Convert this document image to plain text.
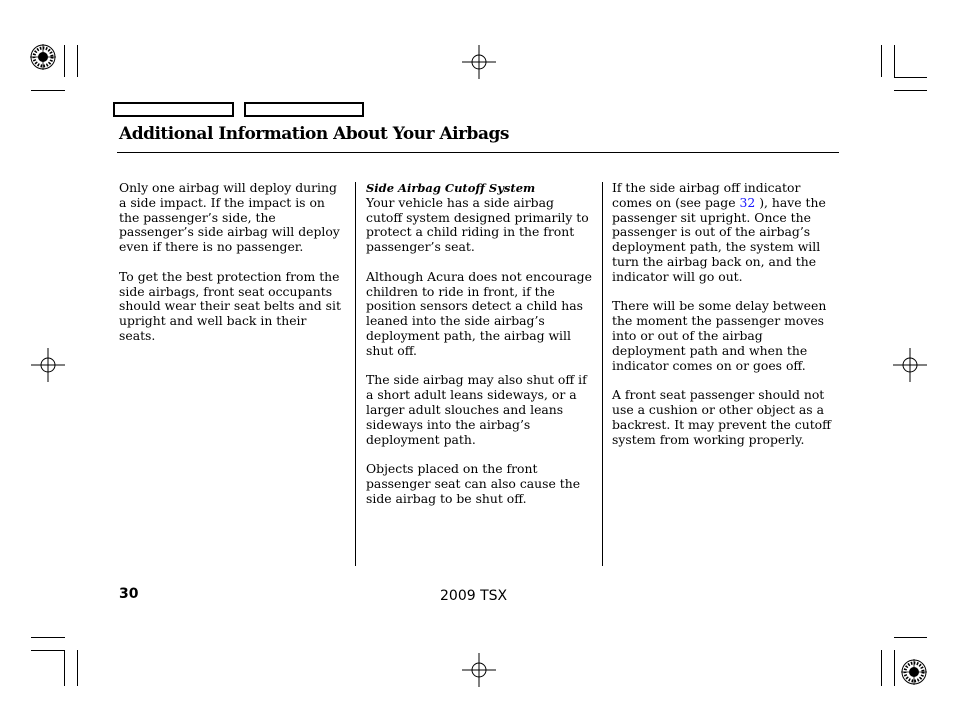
Additional Information About Your Airbags

Only one airbag will deploy during a side impact. If the impact is on the passenger’s side, the passenger’s side airbag will deploy even if there is no passenger.

To get the best protection from the side airbags, front seat occupants should wear their seat belts and sit upright and well back in their seats.

Side Airbag Cutoff System

Your vehicle has a side airbag cutoff system designed primarily to protect a child riding in the front passenger’s seat.

Although Acura does not encourage children to ride in front, if the position sensors detect a child has leaned into the side airbag’s deployment path, the airbag will shut off.

The side airbag may also shut off if a short adult leans sideways, or a larger adult slouches and leans sideways into the airbag’s deployment path.

Objects placed on the front passenger seat can also cause the side airbag to be shut off.

If the side airbag off indicator comes on (see page 32 ), have the passenger sit upright. Once the passenger is out of the airbag’s deployment path, the system will turn the airbag back on, and the indicator will go out.

There will be some delay between the moment the passenger moves into or out of the airbag deployment path and when the indicator comes on or goes off.

A front seat passenger should not use a cushion or other object as a backrest. It may prevent the cutoff system from working properly.

30	2009 TSX
